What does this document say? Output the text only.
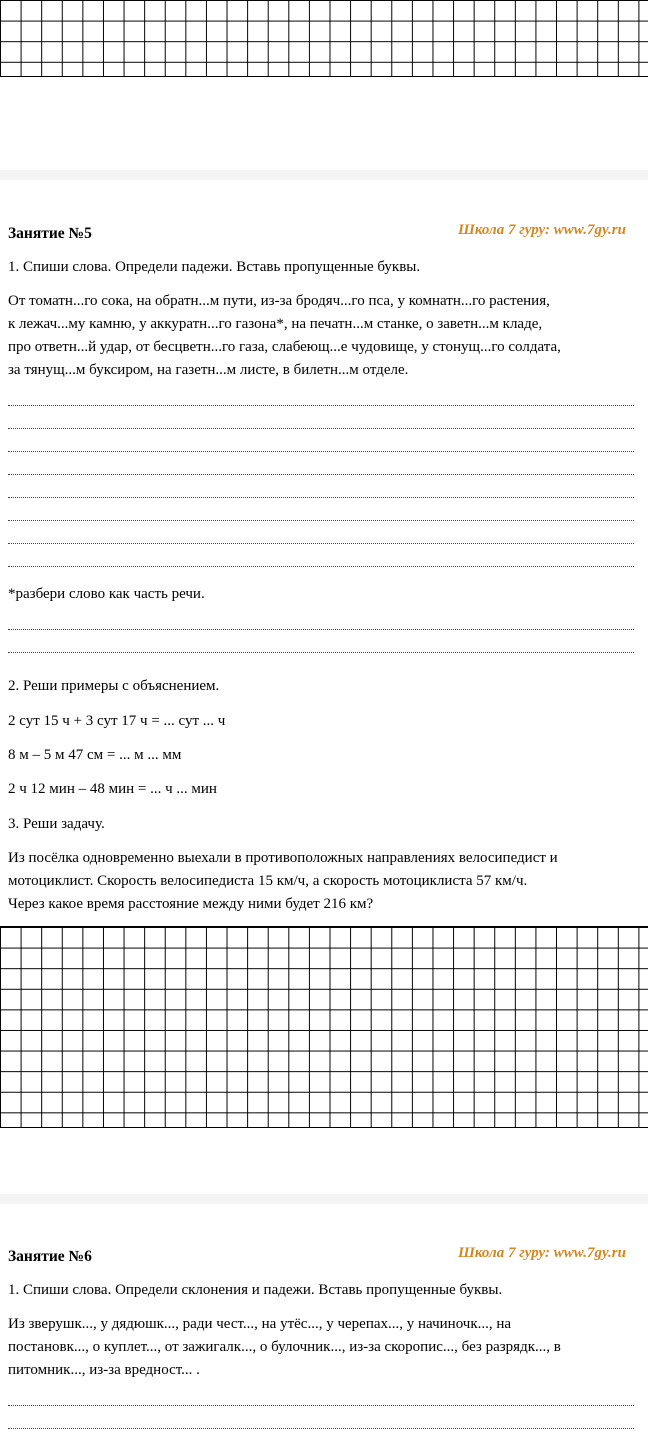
Занятие №5	Школа 7 гуру: www.7gy.ru
1. Спиши слова. Определи падежи. Вставь пропущенные буквы.
От томатн...го сока, на обратн...м пути, из-за бродяч...го пса, у комнатн...го растения,
к лежач...му камню, у аккуратн...го газона*, на печатн...м станке, о заветн...м кладе,
про ответн...й удар, от бесцветн...го газа, слабеющ...е чудовище, у стонущ...го солдата,
за тянущ...м буксиром, на газетн...м листе, в билетн...м отделе.
*разбери слово как часть речи.
2. Реши примеры с объяснением.
2 сут 15 ч + 3 сут 17 ч = ... сут ... ч
8 м – 5 м 47 см = ... м ... мм
2 ч 12 мин – 48 мин = ... ч ... мин
3. Реши задачу.
Из посёлка одновременно выехали в противоположных направлениях велосипедист и
мотоциклист. Скорость велосипедиста 15 км/ч, а скорость мотоциклиста 57 км/ч.
Через какое время расстояние между ними будет 216 км?
Занятие №6	Школа 7 гуру: www.7gy.ru
1. Спиши слова. Определи склонения и падежи. Вставь пропущенные буквы.
Из зверушк..., у дядюшк..., ради чест..., на утёс..., у черепах..., у начиночк..., на
постановк..., о куплет..., от зажигалк..., о булочник..., из-за скоропис..., без разрядк..., в
питомник..., из-за вредност... .
